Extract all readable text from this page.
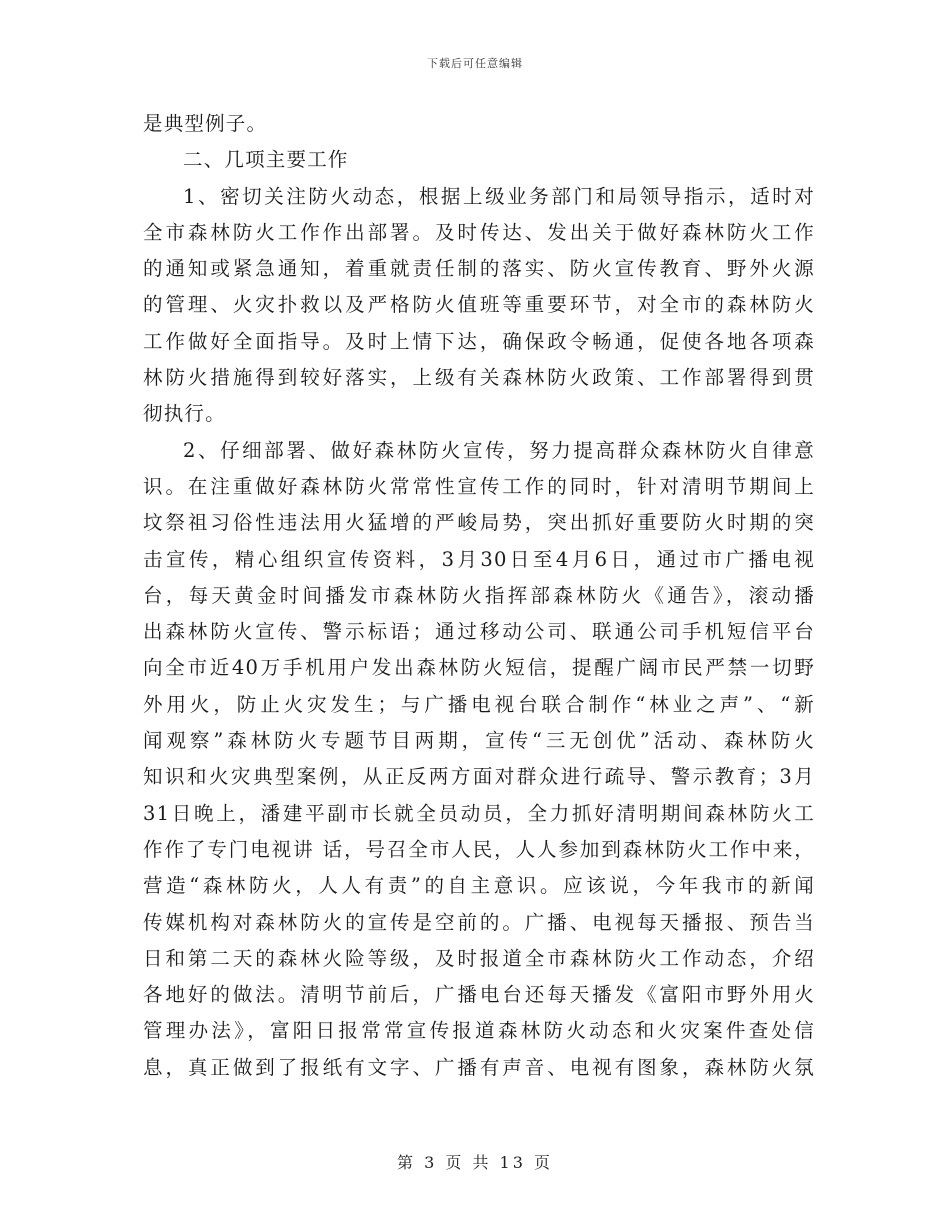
下载后可任意编辑
是典型例子。
二、几项主要工作
1、密切关注防火动态，根据上级业务部门和局领导指示，适时对
全市森林防火工作作出部署。及时传达、发出关于做好森林防火工作
的通知或紧急通知，着重就责任制的落实、防火宣传教育、野外火源
的管理、火灾扑救以及严格防火值班等重要环节，对全市的森林防火
工作做好全面指导。及时上情下达，确保政令畅通，促使各地各项森
林防火措施得到较好落实，上级有关森林防火政策、工作部署得到贯
彻执行。
2、仔细部署、做好森林防火宣传，努力提高群众森林防火自律意
识。在注重做好森林防火常常性宣传工作的同时，针对清明节期间上
坟祭祖习俗性违法用火猛增的严峻局势，突出抓好重要防火时期的突
击宣传，精心组织宣传资料，3月30日至4月6日，通过市广播电视
台，每天黄金时间播发市森林防火指挥部森林防火《通告》，滚动播
出森林防火宣传、警示标语；通过移动公司、联通公司手机短信平台
向全市近40万手机用户发出森林防火短信，提醒广阔市民严禁一切野
外用火，防止火灾发生；与广播电视台联合制作“林业之声”、“新
闻观察”森林防火专题节目两期，宣传“三无创优”活动、森林防火
知识和火灾典型案例，从正反两方面对群众进行疏导、警示教育；3月
31日晚上，潘建平副市长就全员动员，全力抓好清明期间森林防火工
作作了专门电视讲 话，号召全市人民，人人参加到森林防火工作中来，
营造“森林防火，人人有责”的自主意识。应该说，今年我市的新闻
传媒机构对森林防火的宣传是空前的。广播、电视每天播报、预告当
日和第二天的森林火险等级，及时报道全市森林防火工作动态，介绍
各地好的做法。清明节前后，广播电台还每天播发《富阳市野外用火
管理办法》，富阳日报常常宣传报道森林防火动态和火灾案件查处信
息，真正做到了报纸有文字、广播有声音、电视有图象，森林防火氛
第 3 页 共 13 页
